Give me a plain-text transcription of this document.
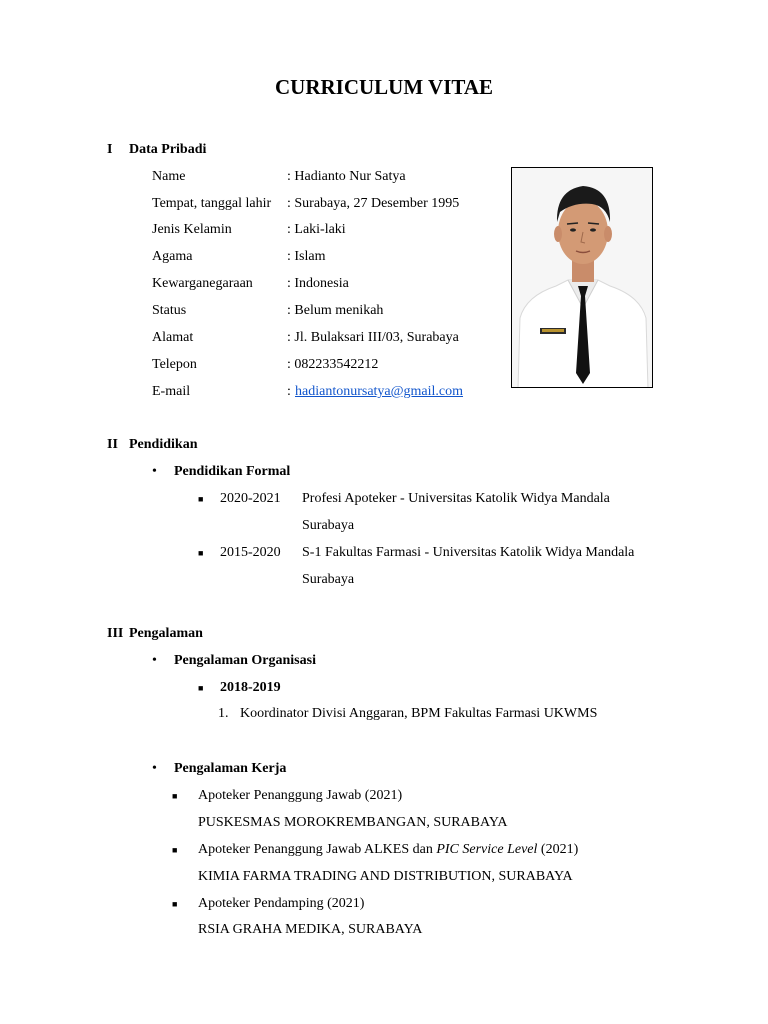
CURRICULUM VITAE
I Data Pribadi
Name	: Hadianto Nur Satya
Tempat, tanggal lahir : Surabaya, 27 Desember 1995
Jenis Kelamin	: Laki-laki
Agama	: Islam
Kewarganegaraan : Indonesia
Status	: Belum menikah
Alamat	: Jl. Bulaksari III/03, Surabaya
Telepon	: 082233542212
E-mail	: hadiantonursatya@gmail.com
II Pendidikan
• Pendidikan Formal
■ 2020-2021 Profesi Apoteker - Universitas Katolik Widya Mandala
Surabaya
■ 2015-2020 S-1 Fakultas Farmasi - Universitas Katolik Widya Mandala
Surabaya
III Pengalaman
• Pengalaman Organisasi
■ 2018-2019
1. Koordinator Divisi Anggaran, BPM Fakultas Farmasi UKWMS
• Pengalaman Kerja
■ Apoteker Penanggung Jawab (2021)
PUSKESMAS MOROKREMBANGAN, SURABAYA
■ Apoteker Penanggung Jawab ALKES dan PIC Service Level (2021)
KIMIA FARMA TRADING AND DISTRIBUTION, SURABAYA
■ Apoteker Pendamping (2021)
RSIA GRAHA MEDIKA, SURABAYA
